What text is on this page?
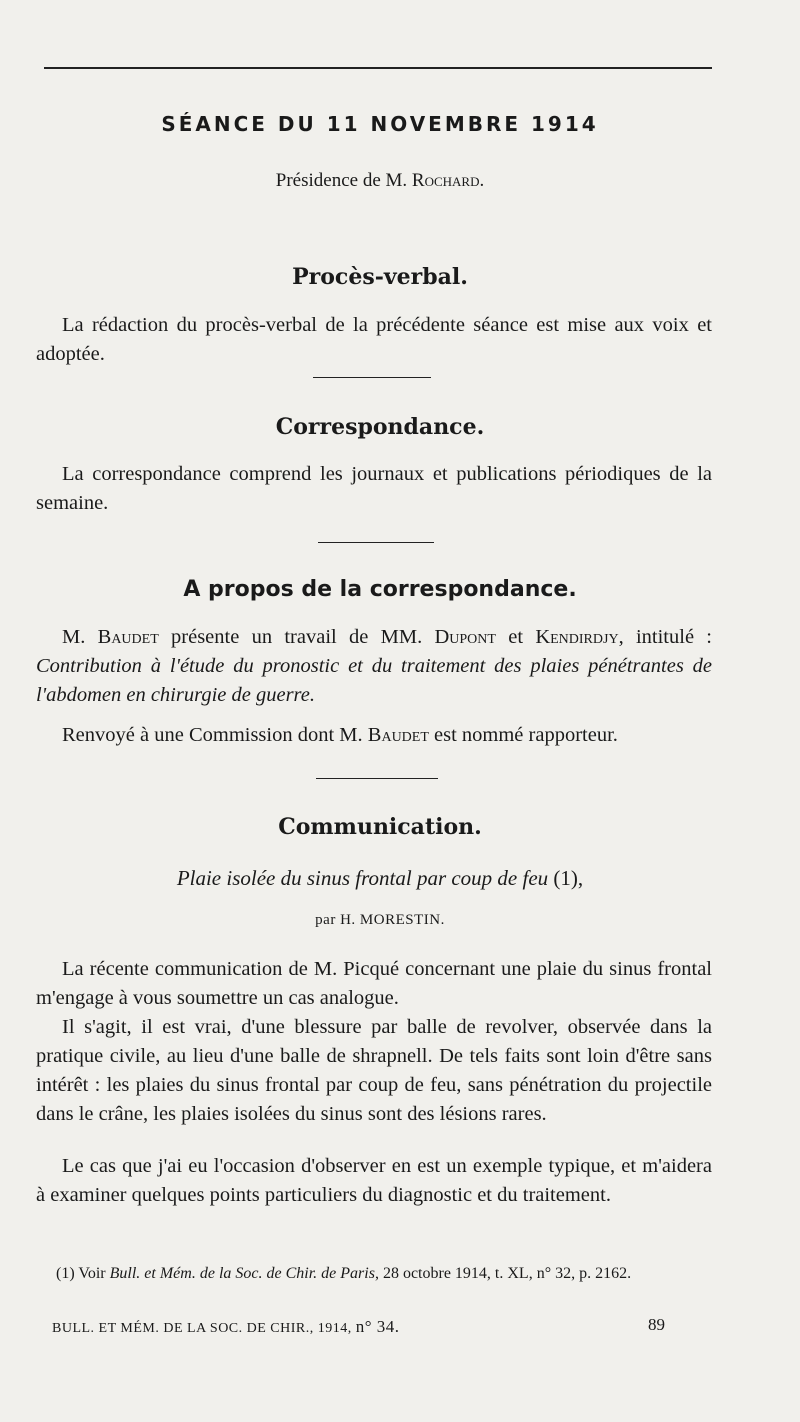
SÉANCE DU 11 NOVEMBRE 1914
Présidence de M. Rochard.
Procès-verbal.
La rédaction du procès-verbal de la précédente séance est mise aux voix et adoptée.
Correspondance.
La correspondance comprend les journaux et publications périodiques de la semaine.
A propos de la correspondance.
M. Baudet présente un travail de MM. Dupont et Kendirdjy, intitulé : Contribution à l'étude du pronostic et du traitement des plaies pénétrantes de l'abdomen en chirurgie de guerre.
Renvoyé à une Commission dont M. Baudet est nommé rapporteur.
Communication.
Plaie isolée du sinus frontal par coup de feu (1),
par H. MORESTIN.
La récente communication de M. Picqué concernant une plaie du sinus frontal m'engage à vous soumettre un cas analogue.
Il s'agit, il est vrai, d'une blessure par balle de revolver, observée dans la pratique civile, au lieu d'une balle de shrapnell. De tels faits sont loin d'être sans intérêt : les plaies du sinus frontal par coup de feu, sans pénétration du projectile dans le crâne, les plaies isolées du sinus sont des lésions rares.
Le cas que j'ai eu l'occasion d'observer en est un exemple typique, et m'aidera à examiner quelques points particuliers du diagnostic et du traitement.
(1) Voir Bull. et Mém. de la Soc. de Chir. de Paris, 28 octobre 1914, t. XL, n° 32, p. 2162.
BULL. ET MÉM. DE LA SOC. DE CHIR., 1914, n° 34.	89
